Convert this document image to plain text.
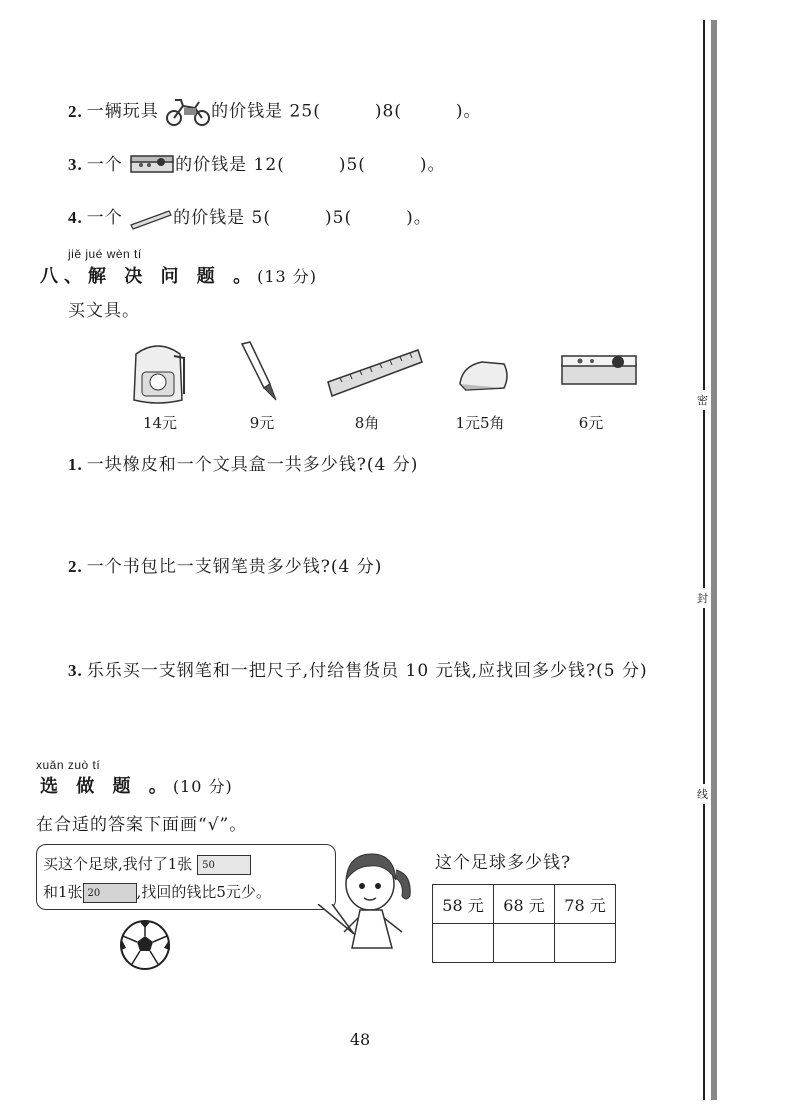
2. 一辆玩具	的价钱是 25(　　　)8(　　　)。
3. 一个	的价钱是 12(　　　)5(　　　)。
4. 一个	的价钱是 5(　　　)5(　　　)。
jiě jué wèn tí
八、解 决 问 题 。(13 分)
买文具。
14元	9元	8角	1元5角	6元
1. 一块橡皮和一个文具盒一共多少钱?(4 分)
2. 一个书包比一支钢笔贵多少钱?(4 分)
3. 乐乐买一支钢笔和一把尺子,付给售货员 10 元钱,应找回多少钱?(5 分)
xuǎn zuò tí
选 做 题 。(10 分)
在合适的答案下面画“√”。
买这个足球,我付了1张 50
和1张 20 ,找回的钱比5元少。
这个足球多少钱?
58 元	68 元	78 元

48
密
封
线
